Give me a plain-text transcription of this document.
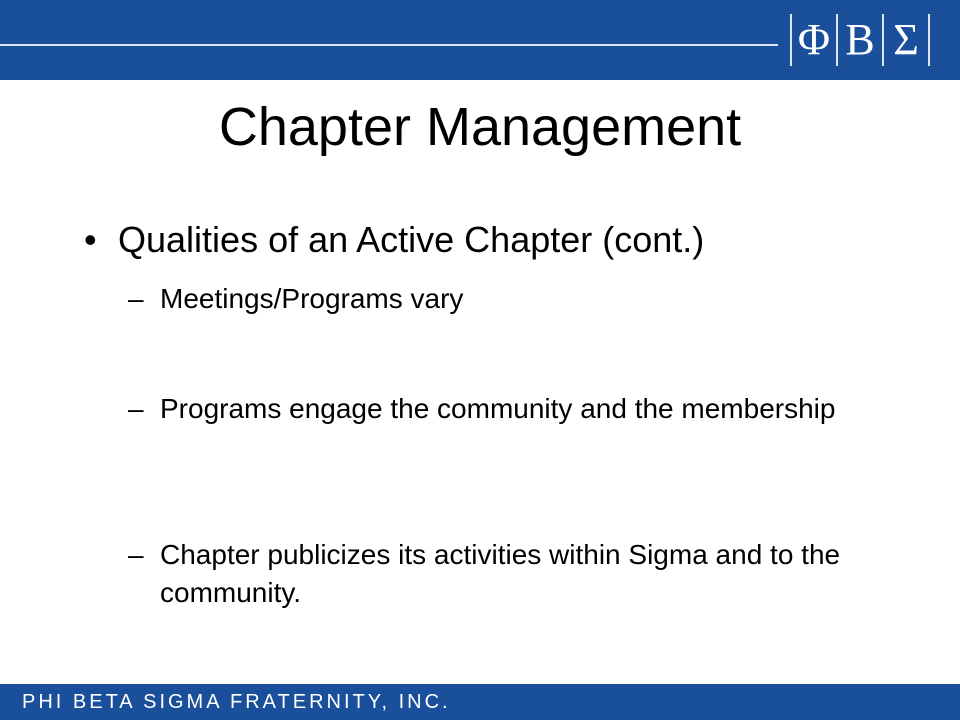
Φ Β Σ
Chapter Management
• Qualities of an Active Chapter (cont.)
– Meetings/Programs vary
– Programs engage the community and the membership
– Chapter publicizes its activities within Sigma and to the community.
PHI BETA SIGMA FRATERNITY, INC.
